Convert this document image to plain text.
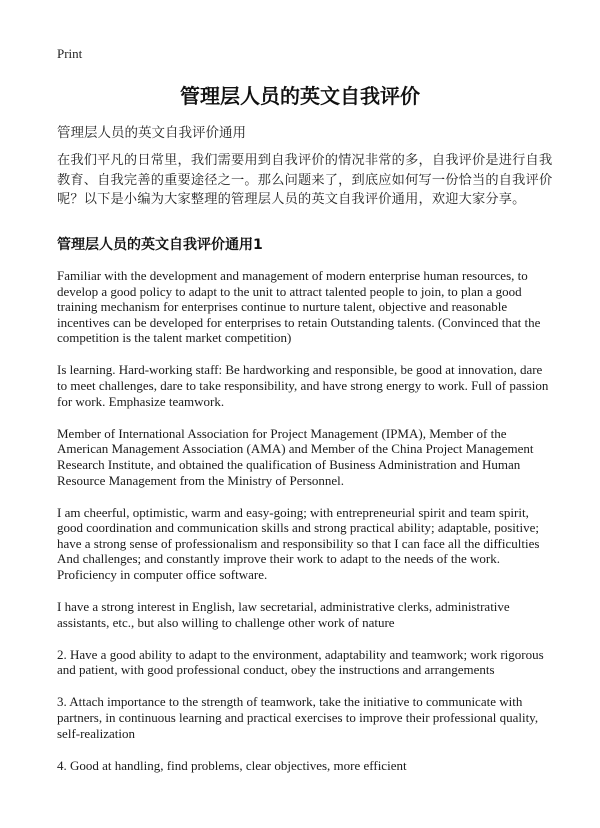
Print
管理层人员的英文自我评价
管理层人员的英文自我评价通用
在我们平凡的日常里，我们需要用到自我评价的情况非常的多，自我评价是进行自我教育、自我完善的重要途径之一。那么问题来了，到底应如何写一份恰当的自我评价呢？以下是小编为大家整理的管理层人员的英文自我评价通用，欢迎大家分享。
管理层人员的英文自我评价通用1

Familiar with the development and management of modern enterprise human resources, to develop a good policy to adapt to the unit to attract talented people to join, to plan a good training mechanism for enterprises continue to nurture talent, objective and reasonable incentives can be developed for enterprises to retain Outstanding talents. (Convinced that the competition is the talent market competition)

Is learning. Hard-working staff: Be hardworking and responsible, be good at innovation, dare to meet challenges, dare to take responsibility, and have strong energy to work. Full of passion for work. Emphasize teamwork.

Member of International Association for Project Management (IPMA), Member of the American Management Association (AMA) and Member of the China Project Management Research Institute, and obtained the qualification of Business Administration and Human Resource Management from the Ministry of Personnel.

I am cheerful, optimistic, warm and easy-going; with entrepreneurial spirit and team spirit, good coordination and communication skills and strong practical ability; adaptable, positive; have a strong sense of professionalism and responsibility so that I can face all the difficulties And challenges; and constantly improve their work to adapt to the needs of the work. Proficiency in computer office software.

I have a strong interest in English, law secretarial, administrative clerks, administrative assistants, etc., but also willing to challenge other work of nature

2. Have a good ability to adapt to the environment, adaptability and teamwork; work rigorous and patient, with good professional conduct, obey the instructions and arrangements

3. Attach importance to the strength of teamwork, take the initiative to communicate with partners, in continuous learning and practical exercises to improve their professional quality, self-realization

4. Good at handling, find problems, clear objectives, more efficient
